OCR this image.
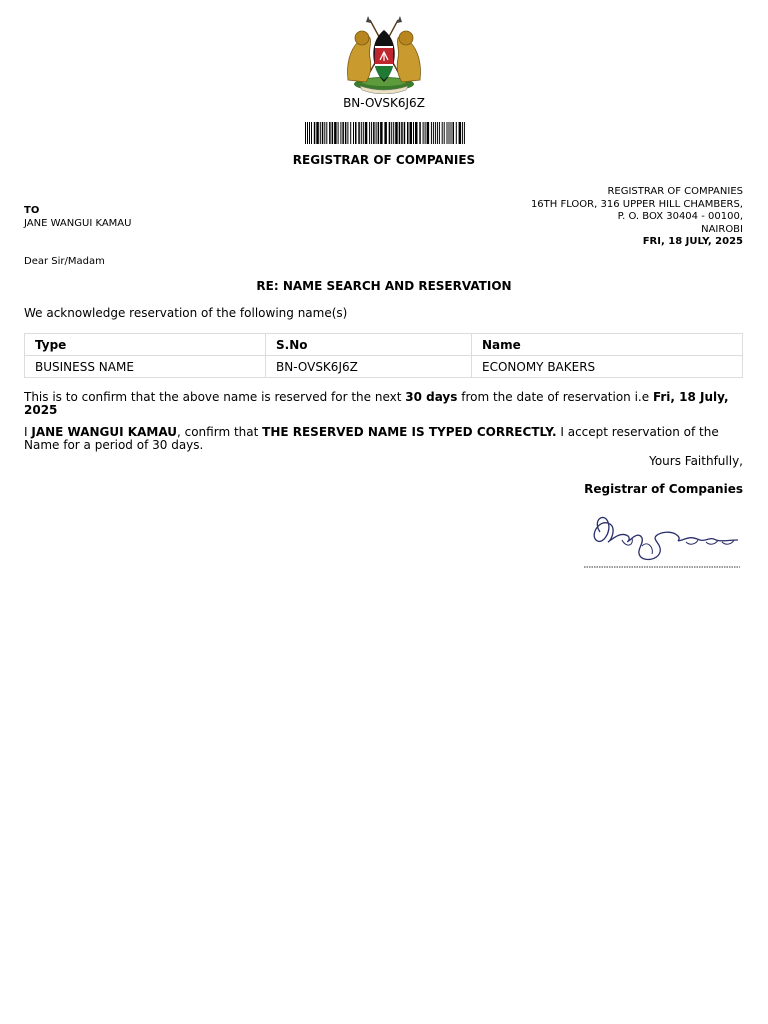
BN-OVSK6J6Z
REGISTRAR OF COMPANIES
TO
JANE WANGUI KAMAU
REGISTRAR OF COMPANIES
16TH FLOOR, 316 UPPER HILL CHAMBERS,
P. O. BOX 30404 - 00100,
NAIROBI
FRI, 18 JULY, 2025
Dear Sir/Madam
RE: NAME SEARCH AND RESERVATION
We acknowledge reservation of the following name(s)
Type	S.No	Name
BUSINESS NAME	BN-OVSK6J6Z	ECONOMY BAKERS
This is to confirm that the above name is reserved for the next 30 days from the date of reservation i.e Fri, 18 July, 2025
I JANE WANGUI KAMAU, confirm that THE RESERVED NAME IS TYPED CORRECTLY. I accept reservation of the Name for a period of 30 days.
Yours Faithfully,
Registrar of Companies
